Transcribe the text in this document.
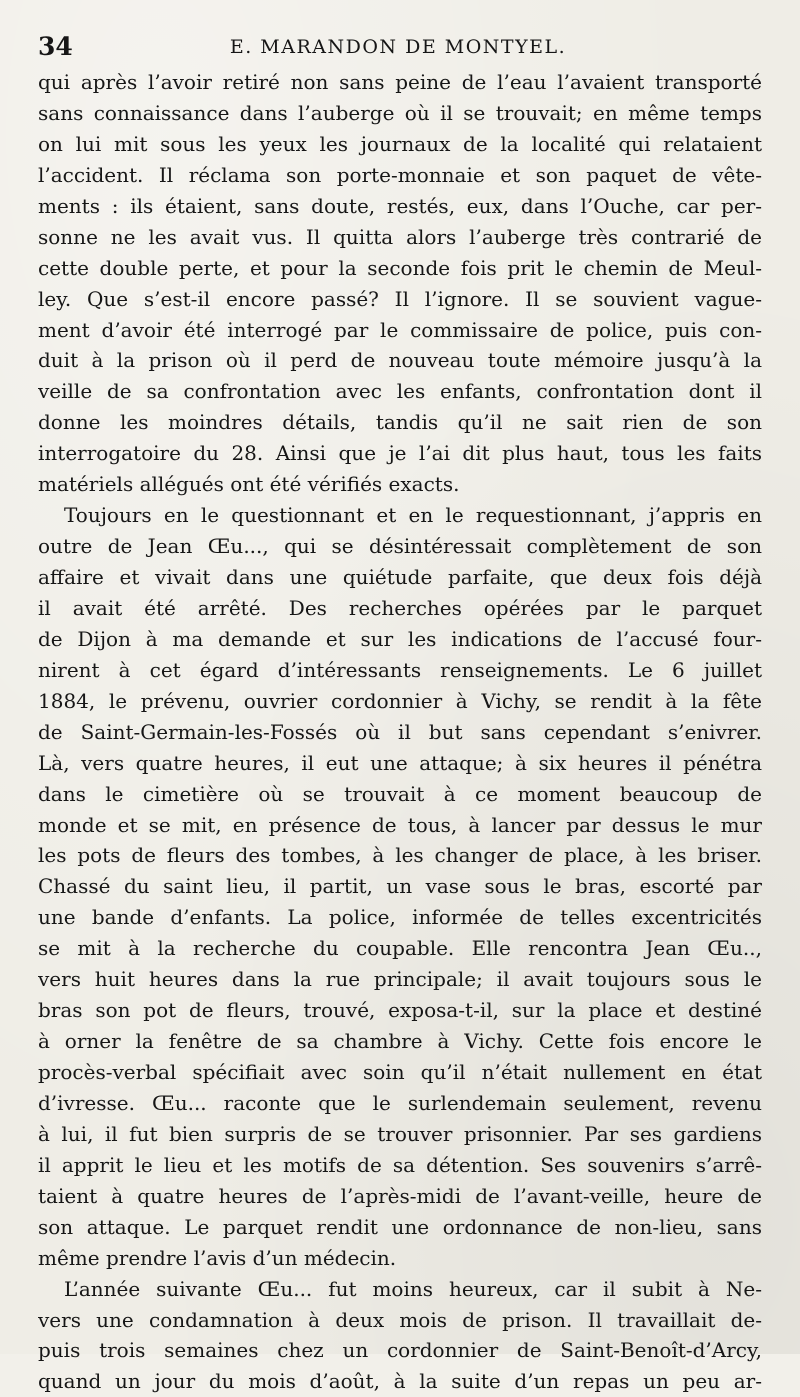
34	E. MARANDON DE MONTYEL.
qui après l’avoir retiré non sans peine de l’eau l’avaient transporté
sans connaissance dans l’auberge où il se trouvait; en même temps
on lui mit sous les yeux les journaux de la localité qui relataient
l’accident. Il réclama son porte-monnaie et son paquet de vête-
ments : ils étaient, sans doute, restés, eux, dans l’Ouche, car per-
sonne ne les avait vus. Il quitta alors l’auberge très contrarié de
cette double perte, et pour la seconde fois prit le chemin de Meul-
ley. Que s’est-il encore passé? Il l’ignore. Il se souvient vague-
ment d’avoir été interrogé par le commissaire de police, puis con-
duit à la prison où il perd de nouveau toute mémoire jusqu’à la
veille de sa confrontation avec les enfants, confrontation dont il
donne les moindres détails, tandis qu’il ne sait rien de son
interrogatoire du 28. Ainsi que je l’ai dit plus haut, tous les faits
matériels allégués ont été vérifiés exacts.
Toujours en le questionnant et en le requestionnant, j’appris en
outre de Jean Œu..., qui se désintéressait complètement de son
affaire et vivait dans une quiétude parfaite, que deux fois déjà
il avait été arrêté. Des recherches opérées par le parquet
de Dijon à ma demande et sur les indications de l’accusé four-
nirent à cet égard d’intéressants renseignements. Le 6 juillet
1884, le prévenu, ouvrier cordonnier à Vichy, se rendit à la fête
de Saint-Germain-les-Fossés où il but sans cependant s’enivrer.
Là, vers quatre heures, il eut une attaque; à six heures il pénétra
dans le cimetière où se trouvait à ce moment beaucoup de
monde et se mit, en présence de tous, à lancer par dessus le mur
les pots de fleurs des tombes, à les changer de place, à les briser.
Chassé du saint lieu, il partit, un vase sous le bras, escorté par
une bande d’enfants. La police, informée de telles excentricités
se mit à la recherche du coupable. Elle rencontra Jean Œu..,
vers huit heures dans la rue principale; il avait toujours sous le
bras son pot de fleurs, trouvé, exposa-t-il, sur la place et destiné
à orner la fenêtre de sa chambre à Vichy. Cette fois encore le
procès-verbal spécifiait avec soin qu’il n’était nullement en état
d’ivresse. Œu... raconte que le surlendemain seulement, revenu
à lui, il fut bien surpris de se trouver prisonnier. Par ses gardiens
il apprit le lieu et les motifs de sa détention. Ses souvenirs s’arrê-
taient à quatre heures de l’après-midi de l’avant-veille, heure de
son attaque. Le parquet rendit une ordonnance de non-lieu, sans
même prendre l’avis d’un médecin.
L’année suivante Œu... fut moins heureux, car il subit à Ne-
vers une condamnation à deux mois de prison. Il travaillait de-
puis trois semaines chez un cordonnier de Saint-Benoît-d’Arcy,
quand un jour du mois d’août, à la suite d’un repas un peu ar-
